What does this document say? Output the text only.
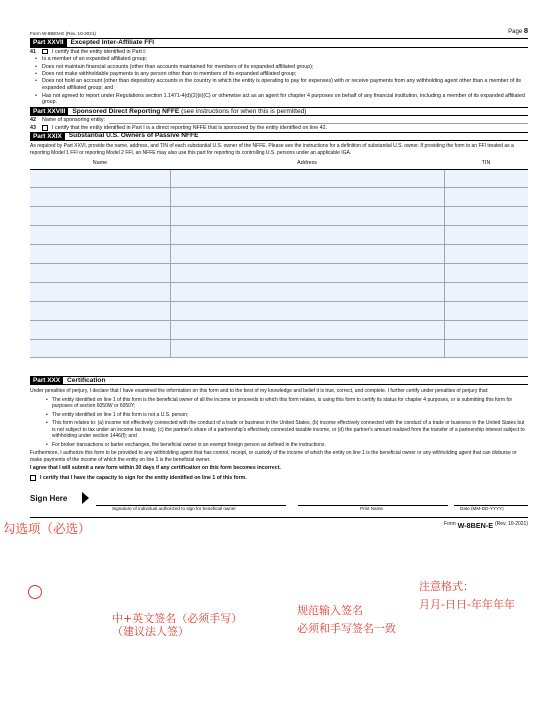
Form W-8BEN-E (Rev. 10-2021)	Page 8
Part XXVII	Excepted Inter-Affiliate FFI
41	I certify that the entity identified in Part I:
• Is a member of an expanded affiliated group;
• Does not maintain financial accounts (other than accounts maintained for members of its expanded affiliated group);
• Does not make withholdable payments to any person other than to members of its expanded affiliated group;
• Does not hold an account (other than depository accounts in the country in which the entity is operating to pay for expenses) with or receive payments from any withholding agent other than a member of its expanded affiliated group; and
• Has not agreed to report under Regulations section 1.1471-4(d)(2)(ii)(C) or otherwise act as an agent for chapter 4 purposes on behalf of any financial institution, including a member of its expanded affiliated group.
Part XXVIII	Sponsored Direct Reporting NFFE (see instructions for when this is permitted)
42	Name of sponsoring entity:
43	I certify that the entity identified in Part I is a direct reporting NFFE that is sponsored by the entity identified on line 42.
Part XXIX	Substantial U.S. Owners of Passive NFFE
As required by Part XXVI, provide the name, address, and TIN of each substantial U.S. owner of the NFFE. Please see the instructions for a definition of substantial U.S. owner. If providing the form to an FFI treated as a reporting Model 1 FFI or reporting Model 2 FFI, an NFFE may also use this part for reporting its controlling U.S. persons under an applicable IGA.
Name	Address	TIN

Part XXX	Certification
Under penalties of perjury, I declare that I have examined the information on this form and to the best of my knowledge and belief it is true, correct, and complete. I further certify under penalties of perjury that:
• The entity identified on line 1 of this form is the beneficial owner of all the income or proceeds to which this form relates, is using this form to certify its status for chapter 4 purposes, or is submitting this form for purposes of section 6050W or 6050Y;
• The entity identified on line 1 of this form is not a U.S. person;
• This form relates to: (a) income not effectively connected with the conduct of a trade or business in the United States, (b) income effectively connected with the conduct of a trade or business in the United States but is not subject to tax under an income tax treaty, (c) the partner's share of a partnership's effectively connected taxable income, or (d) the partner's amount realized from the transfer of a partnership interest subject to withholding under section 1446(f); and
• For broker transactions or barter exchanges, the beneficial owner is an exempt foreign person as defined in the instructions.
Furthermore, I authorize this form to be provided to any withholding agent that has control, receipt, or custody of the income of which the entity on line 1 is the beneficial owner or any withholding agent that can disburse or make payments of the income of which the entity on line 1 is the beneficial owner.
I agree that I will submit a new form within 30 days if any certification on this form becomes incorrect.
I certify that I have the capacity to sign for the entity identified on line 1 of this form.
Sign Here
Signature of individual authorized to sign for beneficial owner	Print Name	Date (MM-DD-YYYY)
Form W-8BEN-E (Rev. 10-2021)
勾选项（必选）
中+英文签名（必须手写）
（建议法人签）
规范输入签名
必须和手写签名一致
注意格式：
月月-日日-年年年年
